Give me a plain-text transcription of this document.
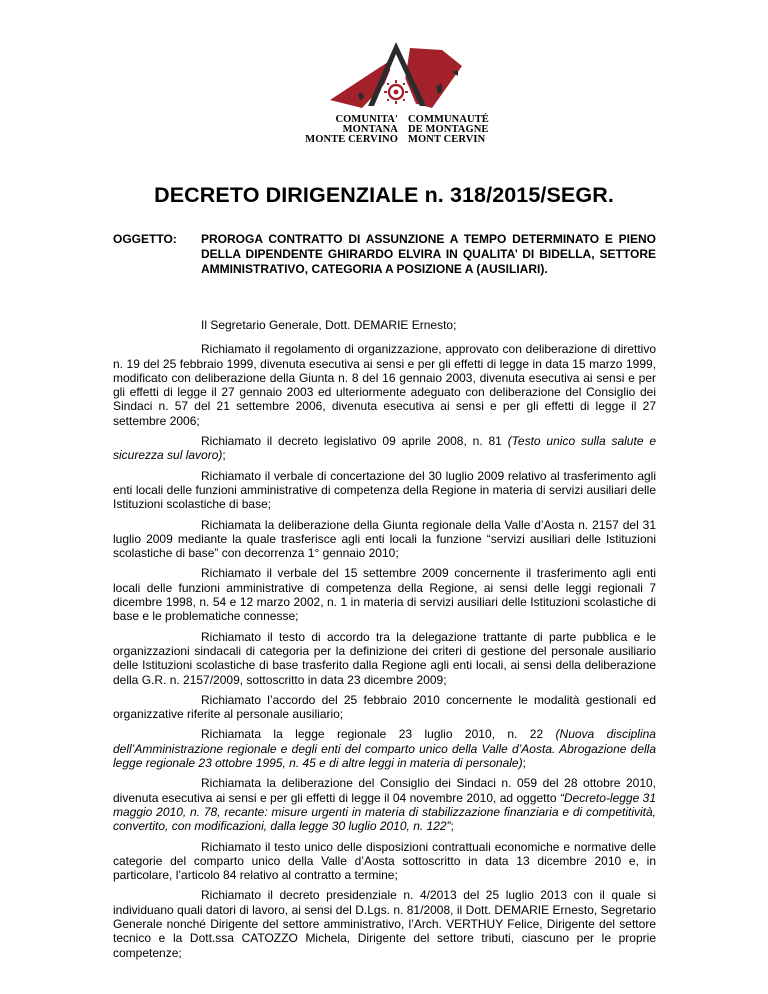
COMUNITA'
MONTANA
MONTE CERVINO
COMMUNAUTÉ
DE MONTAGNE
MONT CERVIN
DECRETO DIRIGENZIALE n. 318/2015/SEGR.
OGGETTO: PROROGA CONTRATTO DI ASSUNZIONE A TEMPO DETERMINATO E PIENO DELLA DIPENDENTE GHIRARDO ELVIRA IN QUALITA’ DI BIDELLA, SETTORE AMMINISTRATIVO, CATEGORIA A POSIZIONE A (AUSILIARI).

Il Segretario Generale, Dott. DEMARIE Ernesto;

Richiamato il regolamento di organizzazione, approvato con deliberazione di direttivo n. 19 del 25 febbraio 1999, divenuta esecutiva ai sensi e per gli effetti di legge in data 15 marzo 1999, modificato con deliberazione della Giunta n. 8 del 16 gennaio 2003, divenuta esecutiva ai sensi e per gli effetti di legge il 27 gennaio 2003 ed ulteriormente adeguato con deliberazione del Consiglio dei Sindaci n. 57 del 21 settembre 2006, divenuta esecutiva ai sensi e per gli effetti di legge il 27 settembre 2006;

Richiamato il decreto legislativo 09 aprile 2008, n. 81 (Testo unico sulla salute e sicurezza sul lavoro);

Richiamato il verbale di concertazione del 30 luglio 2009 relativo al trasferimento agli enti locali delle funzioni amministrative di competenza della Regione in materia di servizi ausiliari delle Istituzioni scolastiche di base;

Richiamata la deliberazione della Giunta regionale della Valle d’Aosta n. 2157 del 31 luglio 2009 mediante la quale trasferisce agli enti locali la funzione “servizi ausiliari delle Istituzioni scolastiche di base” con decorrenza 1° gennaio 2010;

Richiamato il verbale del 15 settembre 2009 concernente il trasferimento agli enti locali delle funzioni amministrative di competenza della Regione, ai sensi delle leggi regionali 7 dicembre 1998, n. 54 e 12 marzo 2002, n. 1 in materia di servizi ausiliari delle Istituzioni scolastiche di base e le problematiche connesse;

Richiamato il testo di accordo tra la delegazione trattante di parte pubblica e le organizzazioni sindacali di categoria per la definizione dei criteri di gestione del personale ausiliario delle Istituzioni scolastiche di base trasferito dalla Regione agli enti locali, ai sensi della deliberazione della G.R. n. 2157/2009, sottoscritto in data 23 dicembre 2009;

Richiamato l’accordo del 25 febbraio 2010 concernente le modalità gestionali ed organizzative riferite al personale ausiliario;

Richiamata la legge regionale 23 luglio 2010, n. 22 (Nuova disciplina dell’Amministrazione regionale e degli enti del comparto unico della Valle d’Aosta. Abrogazione della legge regionale 23 ottobre 1995, n. 45 e di altre leggi in materia di personale);

Richiamata la deliberazione del Consiglio dei Sindaci n. 059 del 28 ottobre 2010, divenuta esecutiva ai sensi e per gli effetti di legge il 04 novembre 2010, ad oggetto “Decreto-legge 31 maggio 2010, n. 78, recante: misure urgenti in materia di stabilizzazione finanziaria e di competitività, convertito, con modificazioni, dalla legge 30 luglio 2010, n. 122”;

Richiamato il testo unico delle disposizioni contrattuali economiche e normative delle categorie del comparto unico della Valle d’Aosta sottoscritto in data 13 dicembre 2010 e, in particolare, l’articolo 84 relativo al contratto a termine;

Richiamato il decreto presidenziale n. 4/2013 del 25 luglio 2013 con il quale si individuano quali datori di lavoro, ai sensi del D.Lgs. n. 81/2008, il Dott. DEMARIE Ernesto, Segretario Generale nonché Dirigente del settore amministrativo, l’Arch. VERTHUY Felice, Dirigente del settore tecnico e la Dott.ssa CATOZZO Michela, Dirigente del settore tributi, ciascuno per le proprie competenze;
